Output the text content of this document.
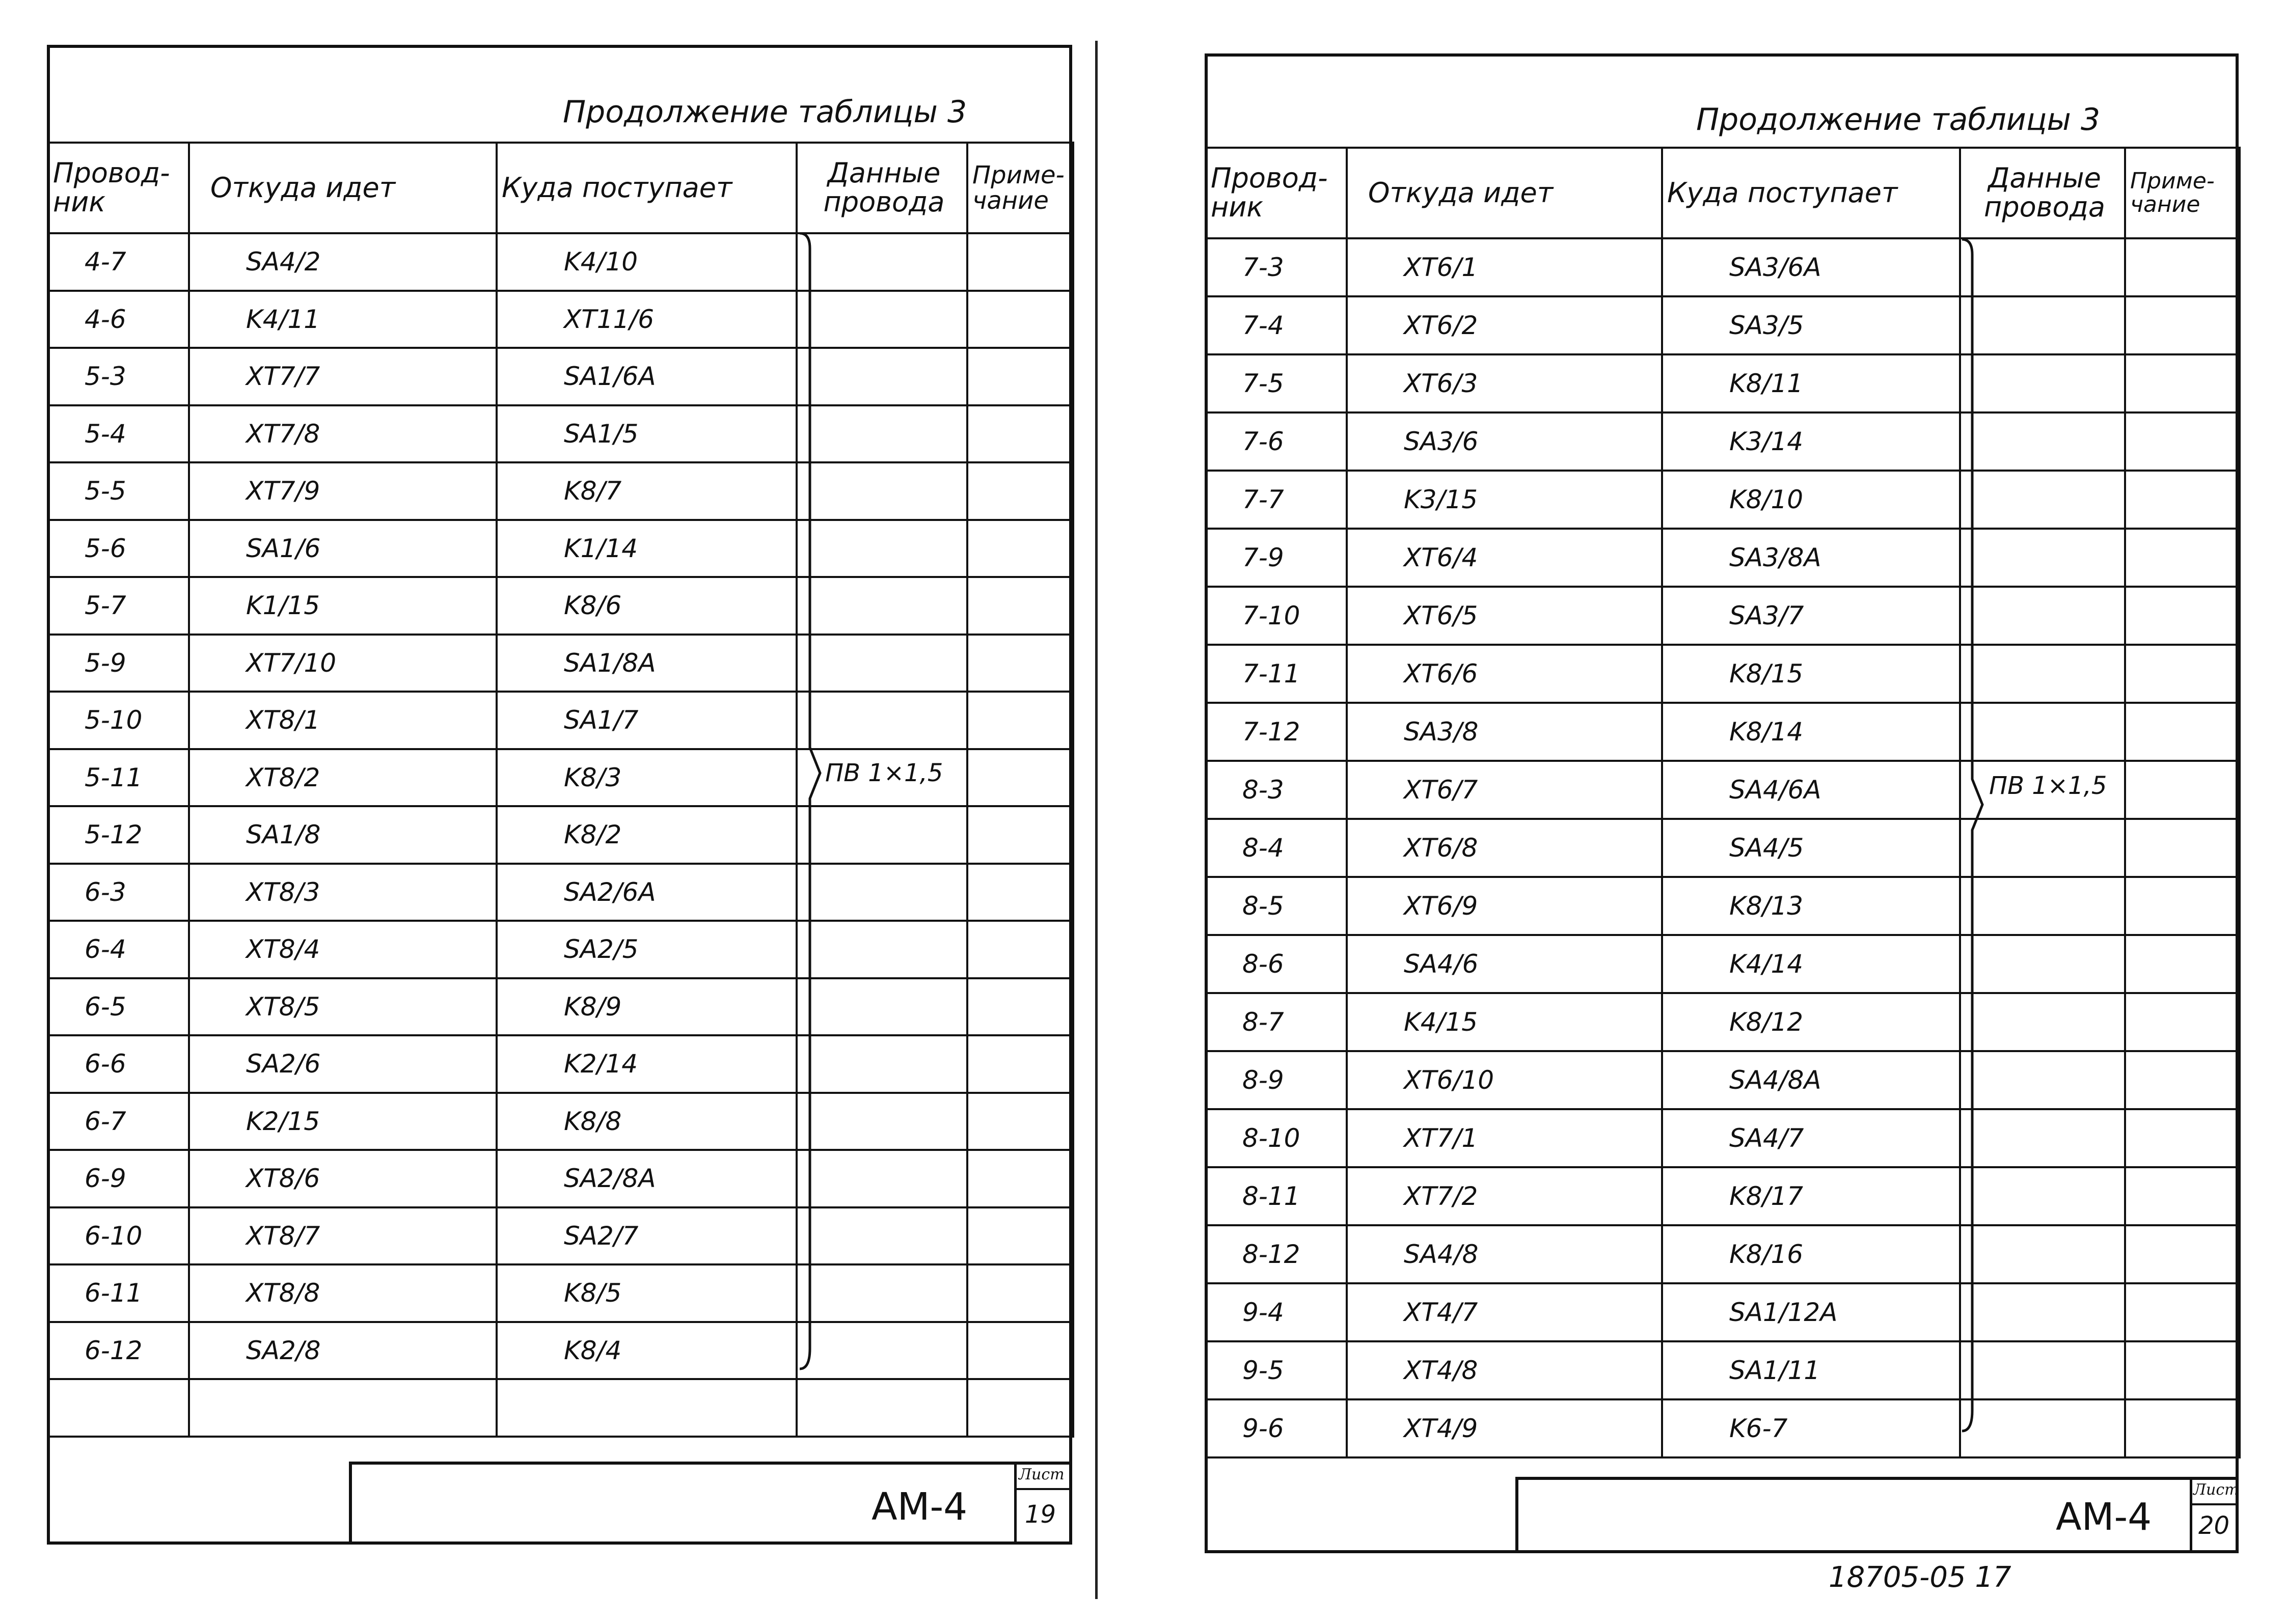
Продолжение таблицы 3
Провод-ник	Откуда идет	Куда поступает	Данные провода	Приме-чание
4-7	SA4/2	K4/10		
4-6	K4/11	XT11/6		
5-3	XT7/7	SA1/6A		
5-4	XT7/8	SA1/5		
5-5	XT7/9	K8/7		
5-6	SA1/6	K1/14		
5-7	K1/15	K8/6		
5-9	XT7/10	SA1/8A		
5-10	XT8/1	SA1/7		
5-11	XT8/2	K8/3		
5-12	SA1/8	K8/2		
6-3	XT8/3	SA2/6A		
6-4	XT8/4	SA2/5		
6-5	XT8/5	K8/9		
6-6	SA2/6	K2/14		
6-7	K2/15	K8/8		
6-9	XT8/6	SA2/8A		
6-10	XT8/7	SA2/7		
6-11	XT8/8	K8/5		
6-12	SA2/8	K8/4		

ПВ 1×1,5
АМ-4
Лист
19
Продолжение таблицы 3
Провод-ник	Откуда идет	Куда поступает	Данные провода	Приме-чание
7-3	XT6/1	SA3/6A		
7-4	XT6/2	SA3/5		
7-5	XT6/3	K8/11		
7-6	SA3/6	K3/14		
7-7	K3/15	K8/10		
7-9	XT6/4	SA3/8A		
7-10	XT6/5	SA3/7		
7-11	XT6/6	K8/15		
7-12	SA3/8	K8/14		
8-3	XT6/7	SA4/6A		
8-4	XT6/8	SA4/5		
8-5	XT6/9	K8/13		
8-6	SA4/6	K4/14		
8-7	K4/15	K8/12		
8-9	XT6/10	SA4/8A		
8-10	XT7/1	SA4/7		
8-11	XT7/2	K8/17		
8-12	SA4/8	K8/16		
9-4	XT4/7	SA1/12A		
9-5	XT4/8	SA1/11		
9-6	XT4/9	K6-7		
ПВ 1×1,5
АМ-4
Лист
20
18705-05 17
